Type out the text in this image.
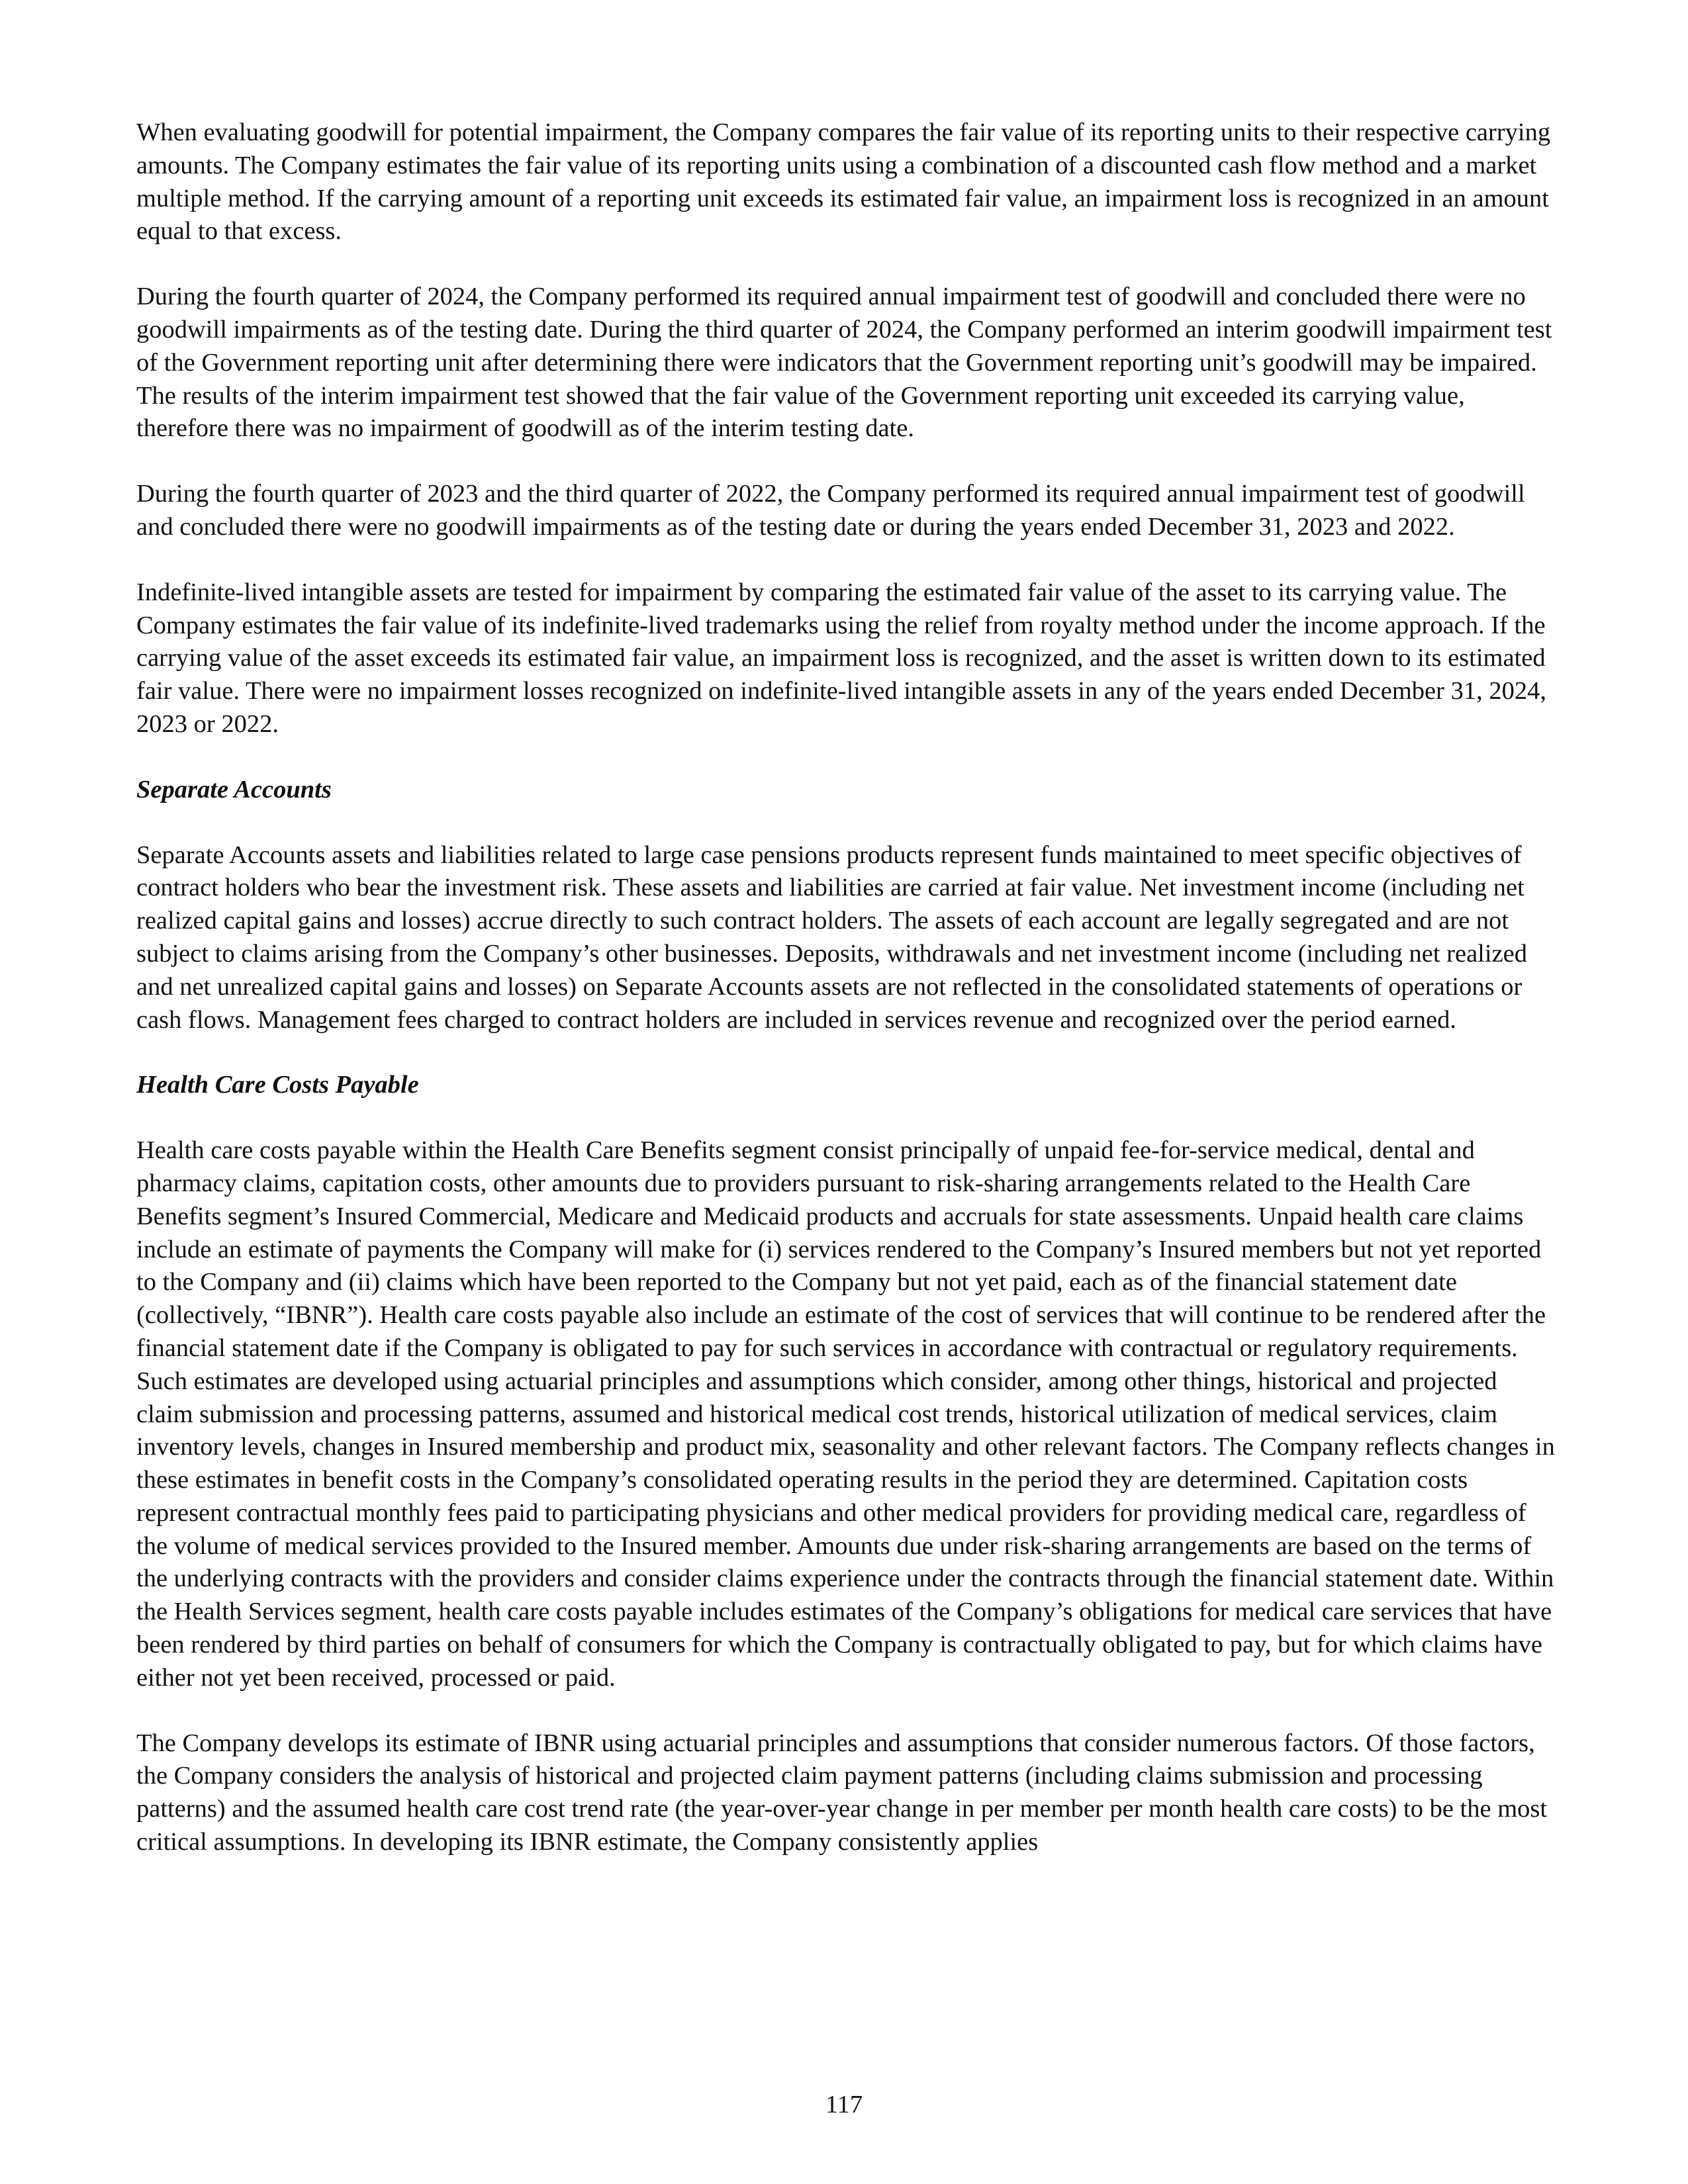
When evaluating goodwill for potential impairment, the Company compares the fair value of its reporting units to their respective carrying amounts. The Company estimates the fair value of its reporting units using a combination of a discounted cash flow method and a market multiple method. If the carrying amount of a reporting unit exceeds its estimated fair value, an impairment loss is recognized in an amount equal to that excess.

During the fourth quarter of 2024, the Company performed its required annual impairment test of goodwill and concluded there were no goodwill impairments as of the testing date. During the third quarter of 2024, the Company performed an interim goodwill impairment test of the Government reporting unit after determining there were indicators that the Government reporting unit’s goodwill may be impaired. The results of the interim impairment test showed that the fair value of the Government reporting unit exceeded its carrying value, therefore there was no impairment of goodwill as of the interim testing date.

During the fourth quarter of 2023 and the third quarter of 2022, the Company performed its required annual impairment test of goodwill and concluded there were no goodwill impairments as of the testing date or during the years ended December 31, 2023 and 2022.

Indefinite-lived intangible assets are tested for impairment by comparing the estimated fair value of the asset to its carrying value. The Company estimates the fair value of its indefinite-lived trademarks using the relief from royalty method under the income approach. If the carrying value of the asset exceeds its estimated fair value, an impairment loss is recognized, and the asset is written down to its estimated fair value. There were no impairment losses recognized on indefinite-lived intangible assets in any of the years ended December 31, 2024, 2023 or 2022.

Separate Accounts

Separate Accounts assets and liabilities related to large case pensions products represent funds maintained to meet specific objectives of contract holders who bear the investment risk. These assets and liabilities are carried at fair value. Net investment income (including net realized capital gains and losses) accrue directly to such contract holders. The assets of each account are legally segregated and are not subject to claims arising from the Company’s other businesses. Deposits, withdrawals and net investment income (including net realized and net unrealized capital gains and losses) on Separate Accounts assets are not reflected in the consolidated statements of operations or cash flows. Management fees charged to contract holders are included in services revenue and recognized over the period earned.

Health Care Costs Payable

Health care costs payable within the Health Care Benefits segment consist principally of unpaid fee-for-service medical, dental and pharmacy claims, capitation costs, other amounts due to providers pursuant to risk-sharing arrangements related to the Health Care Benefits segment’s Insured Commercial, Medicare and Medicaid products and accruals for state assessments. Unpaid health care claims include an estimate of payments the Company will make for (i) services rendered to the Company’s Insured members but not yet reported to the Company and (ii) claims which have been reported to the Company but not yet paid, each as of the financial statement date (collectively, “IBNR”). Health care costs payable also include an estimate of the cost of services that will continue to be rendered after the financial statement date if the Company is obligated to pay for such services in accordance with contractual or regulatory requirements. Such estimates are developed using actuarial principles and assumptions which consider, among other things, historical and projected claim submission and processing patterns, assumed and historical medical cost trends, historical utilization of medical services, claim inventory levels, changes in Insured membership and product mix, seasonality and other relevant factors. The Company reflects changes in these estimates in benefit costs in the Company’s consolidated operating results in the period they are determined. Capitation costs represent contractual monthly fees paid to participating physicians and other medical providers for providing medical care, regardless of the volume of medical services provided to the Insured member. Amounts due under risk-sharing arrangements are based on the terms of the underlying contracts with the providers and consider claims experience under the contracts through the financial statement date. Within the Health Services segment, health care costs payable includes estimates of the Company’s obligations for medical care services that have been rendered by third parties on behalf of consumers for which the Company is contractually obligated to pay, but for which claims have either not yet been received, processed or paid.

The Company develops its estimate of IBNR using actuarial principles and assumptions that consider numerous factors. Of those factors, the Company considers the analysis of historical and projected claim payment patterns (including claims submission and processing patterns) and the assumed health care cost trend rate (the year-over-year change in per member per month health care costs) to be the most critical assumptions. In developing its IBNR estimate, the Company consistently applies

117
